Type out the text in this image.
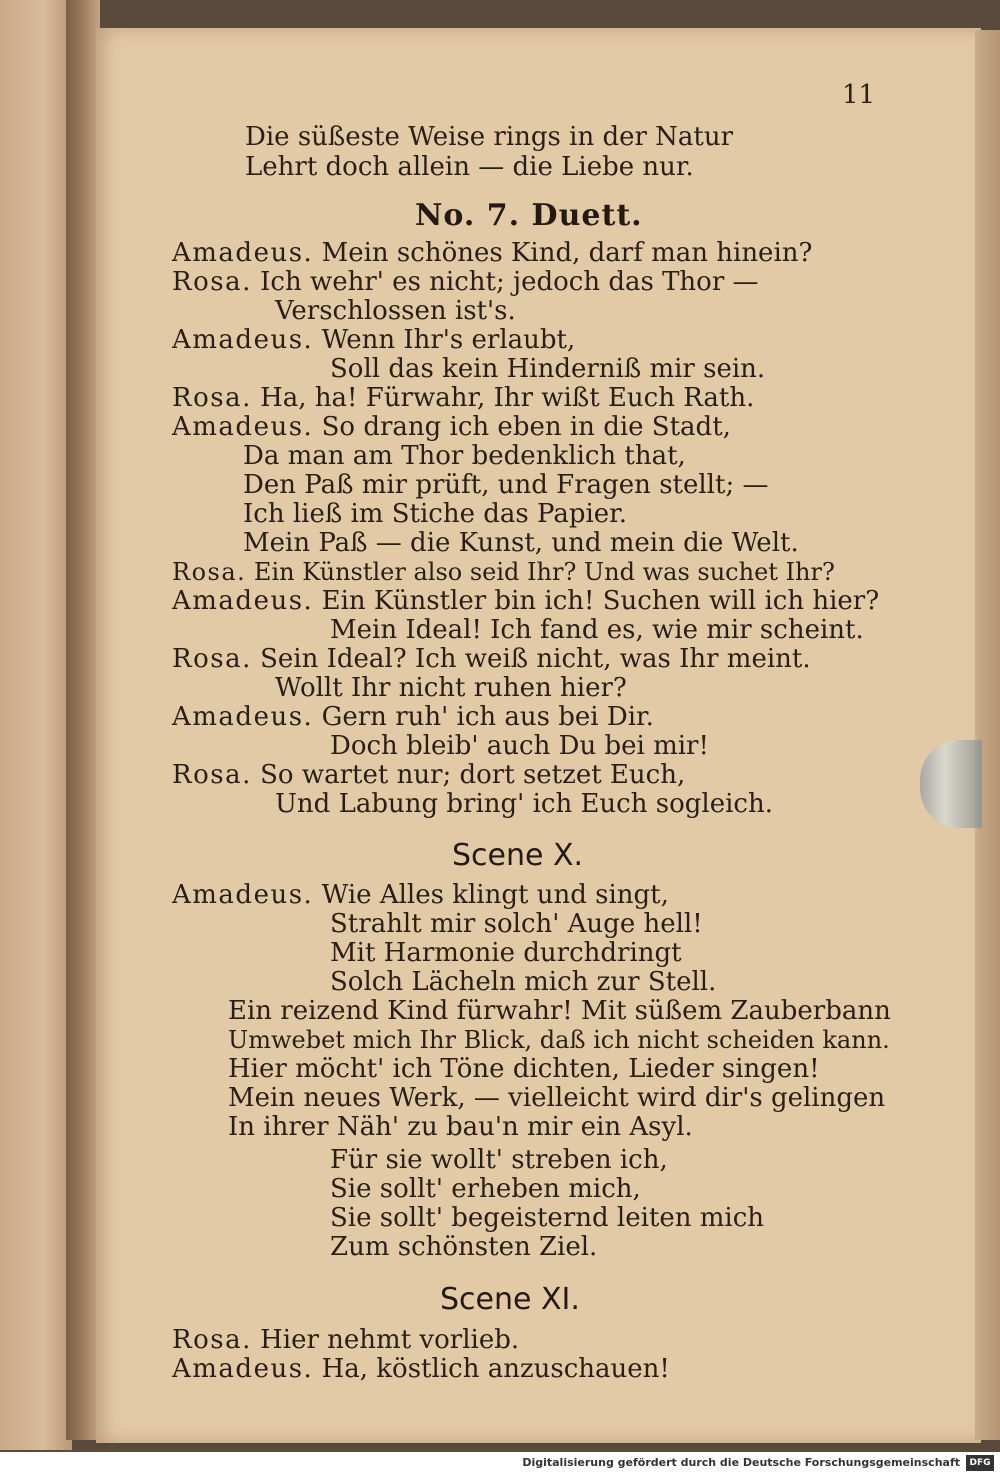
11
Die süßeste Weise rings in der Natur
Lehrt doch allein — die Liebe nur.
No. 7. Duett.
Amadeus. Mein schönes Kind, darf man hinein?
Rosa. Ich wehr' es nicht; jedoch das Thor —
Verschlossen ist's.
Amadeus. Wenn Ihr's erlaubt,
Soll das kein Hinderniß mir sein.
Rosa. Ha, ha! Fürwahr, Ihr wißt Euch Rath.
Amadeus. So drang ich eben in die Stadt,
Da man am Thor bedenklich that,
Den Paß mir prüft, und Fragen stellt; —
Ich ließ im Stiche das Papier.
Mein Paß — die Kunst, und mein die Welt.
Rosa. Ein Künstler also seid Ihr? Und was suchet Ihr?
Amadeus. Ein Künstler bin ich! Suchen will ich hier?
Mein Ideal! Ich fand es, wie mir scheint.
Rosa. Sein Ideal? Ich weiß nicht, was Ihr meint.
Wollt Ihr nicht ruhen hier?
Amadeus. Gern ruh' ich aus bei Dir.
Doch bleib' auch Du bei mir!
Rosa. So wartet nur; dort setzet Euch,
Und Labung bring' ich Euch sogleich.
Scene X.
Amadeus. Wie Alles klingt und singt,
Strahlt mir solch' Auge hell!
Mit Harmonie durchdringt
Solch Lächeln mich zur Stell.
Ein reizend Kind fürwahr! Mit süßem Zauberbann
Umwebet mich Ihr Blick, daß ich nicht scheiden kann.
Hier möcht' ich Töne dichten, Lieder singen!
Mein neues Werk, — vielleicht wird dir's gelingen
In ihrer Näh' zu bau'n mir ein Asyl.
Für sie wollt' streben ich,
Sie sollt' erheben mich,
Sie sollt' begeisternd leiten mich
Zum schönsten Ziel.
Scene XI.
Rosa. Hier nehmt vorlieb.
Amadeus. Ha, köstlich anzuschauen!
Digitalisierung gefördert durch die Deutsche Forschungsgemeinschaft	DFG
